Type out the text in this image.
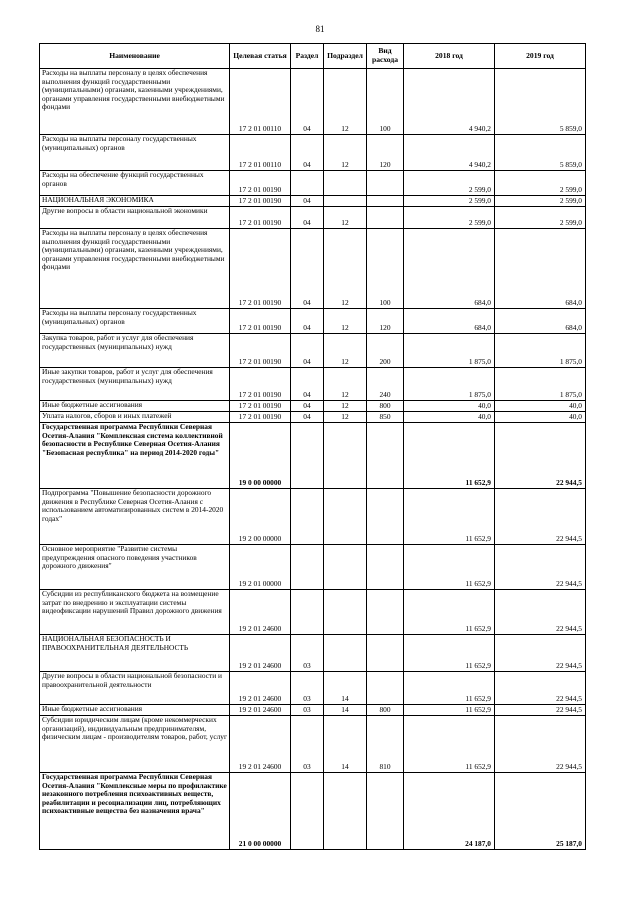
81
Наименование	Целевая статья	Раздел	Подраздел	Вид расхода	2018 год	2019 год
Расходы на выплаты персоналу в целях обеспечения выполнения функций государственными (муниципальными) органами, казенными учреждениями, органами управления государственными внебюджетными фондами	17 2 01 00110	04	12	100	4 940,2	5 859,0
Расходы на выплаты персоналу государственных (муниципальных) органов	17 2 01 00110	04	12	120	4 940,2	5 859,0
Расходы на обеспечение функций государственных органов	17 2 01 00190				2 599,0	2 599,0
НАЦИОНАЛЬНАЯ ЭКОНОМИКА	17 2 01 00190	04			2 599,0	2 599,0
Другие вопросы в области национальной экономики	17 2 01 00190	04	12		2 599,0	2 599,0
Расходы на выплаты персоналу в целях обеспечения выполнения функций государственными (муниципальными) органами, казенными учреждениями, органами управления государственными внебюджетными фондами	17 2 01 00190	04	12	100	684,0	684,0
Расходы на выплаты персоналу государственных (муниципальных) органов	17 2 01 00190	04	12	120	684,0	684,0
Закупка товаров, работ и услуг для обеспечения государственных (муниципальных) нужд	17 2 01 00190	04	12	200	1 875,0	1 875,0
Иные закупки товаров, работ и услуг для обеспечения государственных (муниципальных) нужд	17 2 01 00190	04	12	240	1 875,0	1 875,0
Иные бюджетные ассигнования	17 2 01 00190	04	12	800	40,0	40,0
Уплата налогов, сборов и иных платежей	17 2 01 00190	04	12	850	40,0	40,0
Государственная программа Республики Северная Осетия-Алания "Комплексная система коллективной безопасности в Республике Северная Осетия-Алания "Безопасная республика" на период 2014-2020 годы"	19 0 00 00000				11 652,9	22 944,5
Подпрограмма "Повышение безопасности дорожного движения в Республике Северная Осетия-Алания с использованием автоматизированных систем в 2014-2020 годах"	19 2 00 00000				11 652,9	22 944,5
Основное мероприятие "Развитие системы предупреждения опасного поведения участников дорожного движения"	19 2 01 00000				11 652,9	22 944,5
Субсидии из республиканского бюджета на возмещение затрат по внедрению и эксплуатации системы видеофиксации нарушений Правил дорожного движения	19 2 01 24600				11 652,9	22 944,5
НАЦИОНАЛЬНАЯ БЕЗОПАСНОСТЬ И ПРАВООХРАНИТЕЛЬНАЯ ДЕЯТЕЛЬНОСТЬ	19 2 01 24600	03			11 652,9	22 944,5
Другие вопросы в области национальной безопасности и правоохранительной деятельности	19 2 01 24600	03	14		11 652,9	22 944,5
Иные бюджетные ассигнования	19 2 01 24600	03	14	800	11 652,9	22 944,5
Субсидии юридическим лицам (кроме некоммерческих организаций), индивидуальным предпринимателям, физическим лицам - производителям товаров, работ, услуг	19 2 01 24600	03	14	810	11 652,9	22 944,5
Государственная программа Республики Северная Осетия-Алания "Комплексные меры по профилактике незаконного потребления психоактивных веществ, реабилитации и ресоциализации лиц, потребляющих психоактивные вещества без назначения врача"	21 0 00 00000				24 187,0	25 187,0
